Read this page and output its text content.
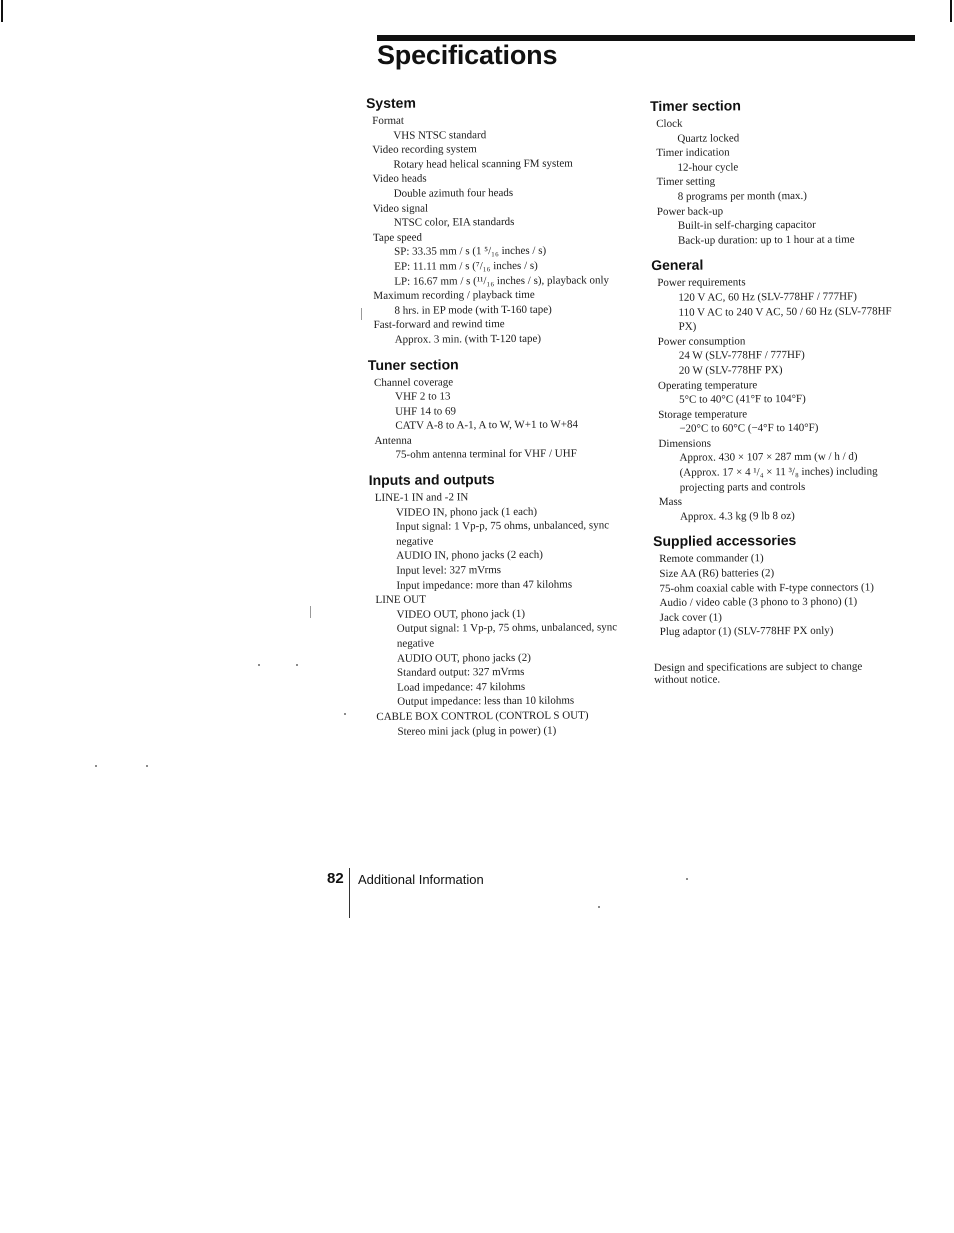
Specifications
System
Format
VHS NTSC standard
Video recording system
Rotary head helical scanning FM system
Video heads
Double azimuth four heads
Video signal
NTSC color, EIA standards
Tape speed
SP: 33.35 mm / s (1 ⁵/₁₆ inches / s)
EP: 11.11 mm / s (⁷/₁₆ inches / s)
LP: 16.67 mm / s (¹¹/₁₆ inches / s), playback only
Maximum recording / playback time
8 hrs. in EP mode (with T-160 tape)
Fast-forward and rewind time
Approx. 3 min. (with T-120 tape)
Tuner section
Channel coverage
VHF 2 to 13
UHF 14 to 69
CATV A-8 to A-1, A to W, W+1 to W+84
Antenna
75-ohm antenna terminal for VHF / UHF
Inputs and outputs
LINE-1 IN and -2 IN
VIDEO IN, phono jack (1 each)
Input signal: 1 Vp-p, 75 ohms, unbalanced, sync negative
AUDIO IN, phono jacks (2 each)
Input level: 327 mVrms
Input impedance: more than 47 kilohms
LINE OUT
VIDEO OUT, phono jack (1)
Output signal: 1 Vp-p, 75 ohms, unbalanced, sync negative
AUDIO OUT, phono jacks (2)
Standard output: 327 mVrms
Load impedance: 47 kilohms
Output impedance: less than 10 kilohms
CABLE BOX CONTROL (CONTROL S OUT)
Stereo mini jack (plug in power) (1)
Timer section
Clock
Quartz locked
Timer indication
12-hour cycle
Timer setting
8 programs per month (max.)
Power back-up
Built-in self-charging capacitor
Back-up duration: up to 1 hour at a time
General
Power requirements
120 V AC, 60 Hz (SLV-778HF / 777HF)
110 V AC to 240 V AC, 50 / 60 Hz (SLV-778HF PX)
Power consumption
24 W (SLV-778HF / 777HF)
20 W (SLV-778HF PX)
Operating temperature
5°C to 40°C (41°F to 104°F)
Storage temperature
−20°C to 60°C (−4°F to 140°F)
Dimensions
Approx. 430 × 107 × 287 mm (w / h / d)
(Approx. 17 × 4 ¹/₄ × 11 ³/₈ inches) including projecting parts and controls
Mass
Approx. 4.3 kg (9 lb 8 oz)
Supplied accessories
Remote commander (1)
Size AA (R6) batteries (2)
75-ohm coaxial cable with F-type connectors (1)
Audio / video cable (3 phono to 3 phono) (1)
Jack cover (1)
Plug adaptor (1) (SLV-778HF PX only)
Design and specifications are subject to change without notice.
82 Additional Information
